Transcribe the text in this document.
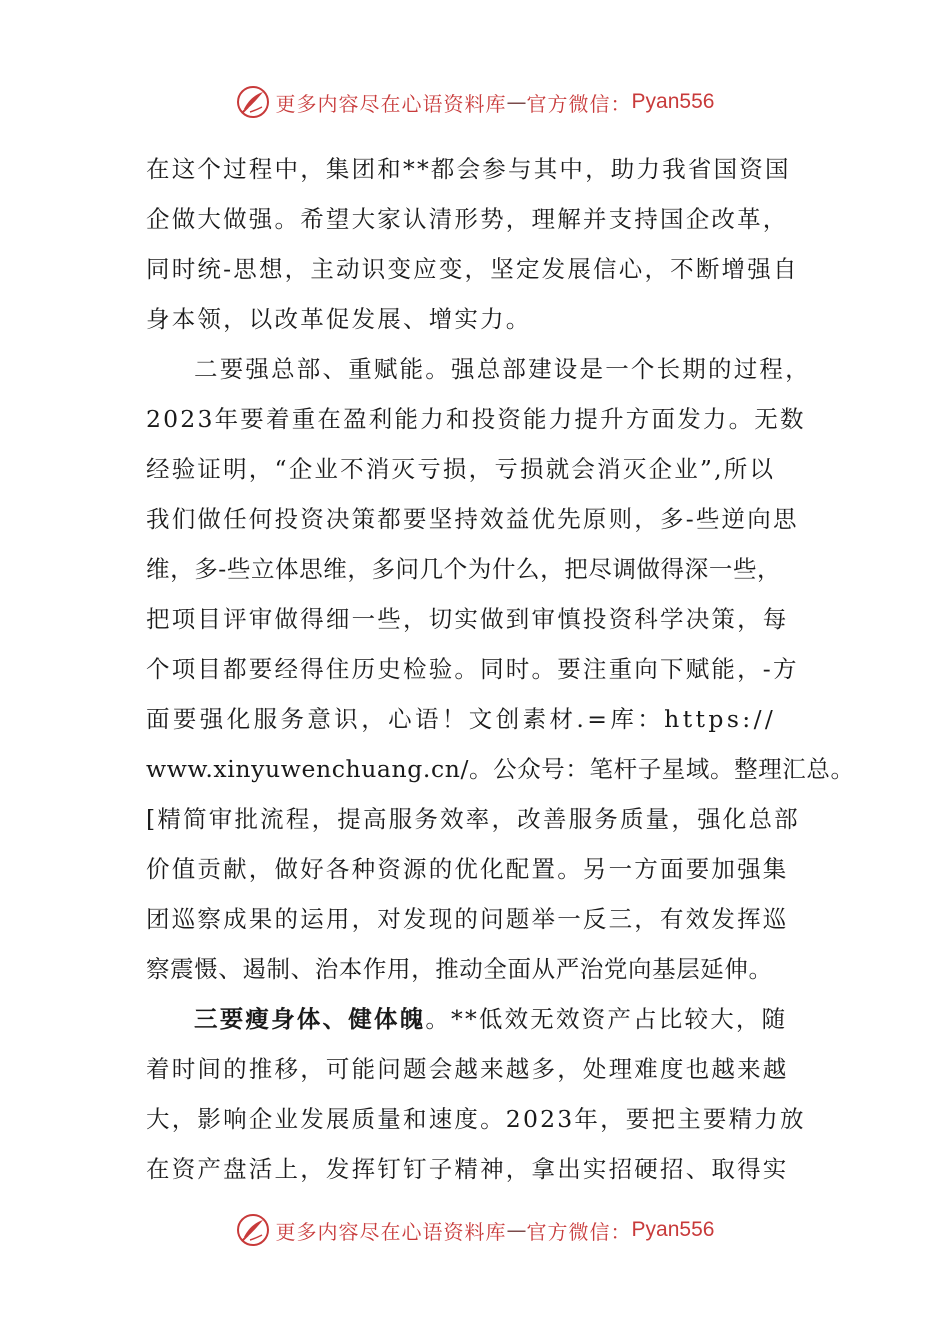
更多内容尽在心语资料库 — 官方微信： Pyan556
在这个过程中，集团和**都会参与其中，助力我省国资国
企做大做强。希望大家认清形势，理解并支持国企改革，
同时统-思想，主动识变应变，坚定发展信心，不断增强自
身本领，以改革促发展、增实力。
二要强总部、重赋能。强总部建设是一个长期的过程，
2023年要着重在盈利能力和投资能力提升方面发力。无数
经验证明，“企业不消灭亏损，亏损就会消灭企业”,所以
我们做任何投资决策都要坚持效益优先原则，多-些逆向思
维，多-些立体思维，多问几个为什么，把尽调做得深一些，
把项目评审做得细一些，切实做到审慎投资科学决策，每
个项目都要经得住历史检验。同时。要注重向下赋能，-方
面要强化服务意识，心语！文创素材.=库：https://
www.xinyuwenchuang.cn/。公众号：笔杆子星域。整理汇总。
[精简审批流程，提高服务效率，改善服务质量，强化总部
价值贡献，做好各种资源的优化配置。另一方面要加强集
团巡察成果的运用，对发现的问题举一反三，有效发挥巡
察震慑、遏制、治本作用，推动全面从严治党向基层延伸。
三要瘦身体、健体魄。**低效无效资产占比较大，随
着时间的推移，可能问题会越来越多，处理难度也越来越
大，影响企业发展质量和速度。2023年，要把主要精力放
在资产盘活上，发挥钉钉子精神，拿出实招硬招、取得实
更多内容尽在心语资料库 — 官方微信： Pyan556
